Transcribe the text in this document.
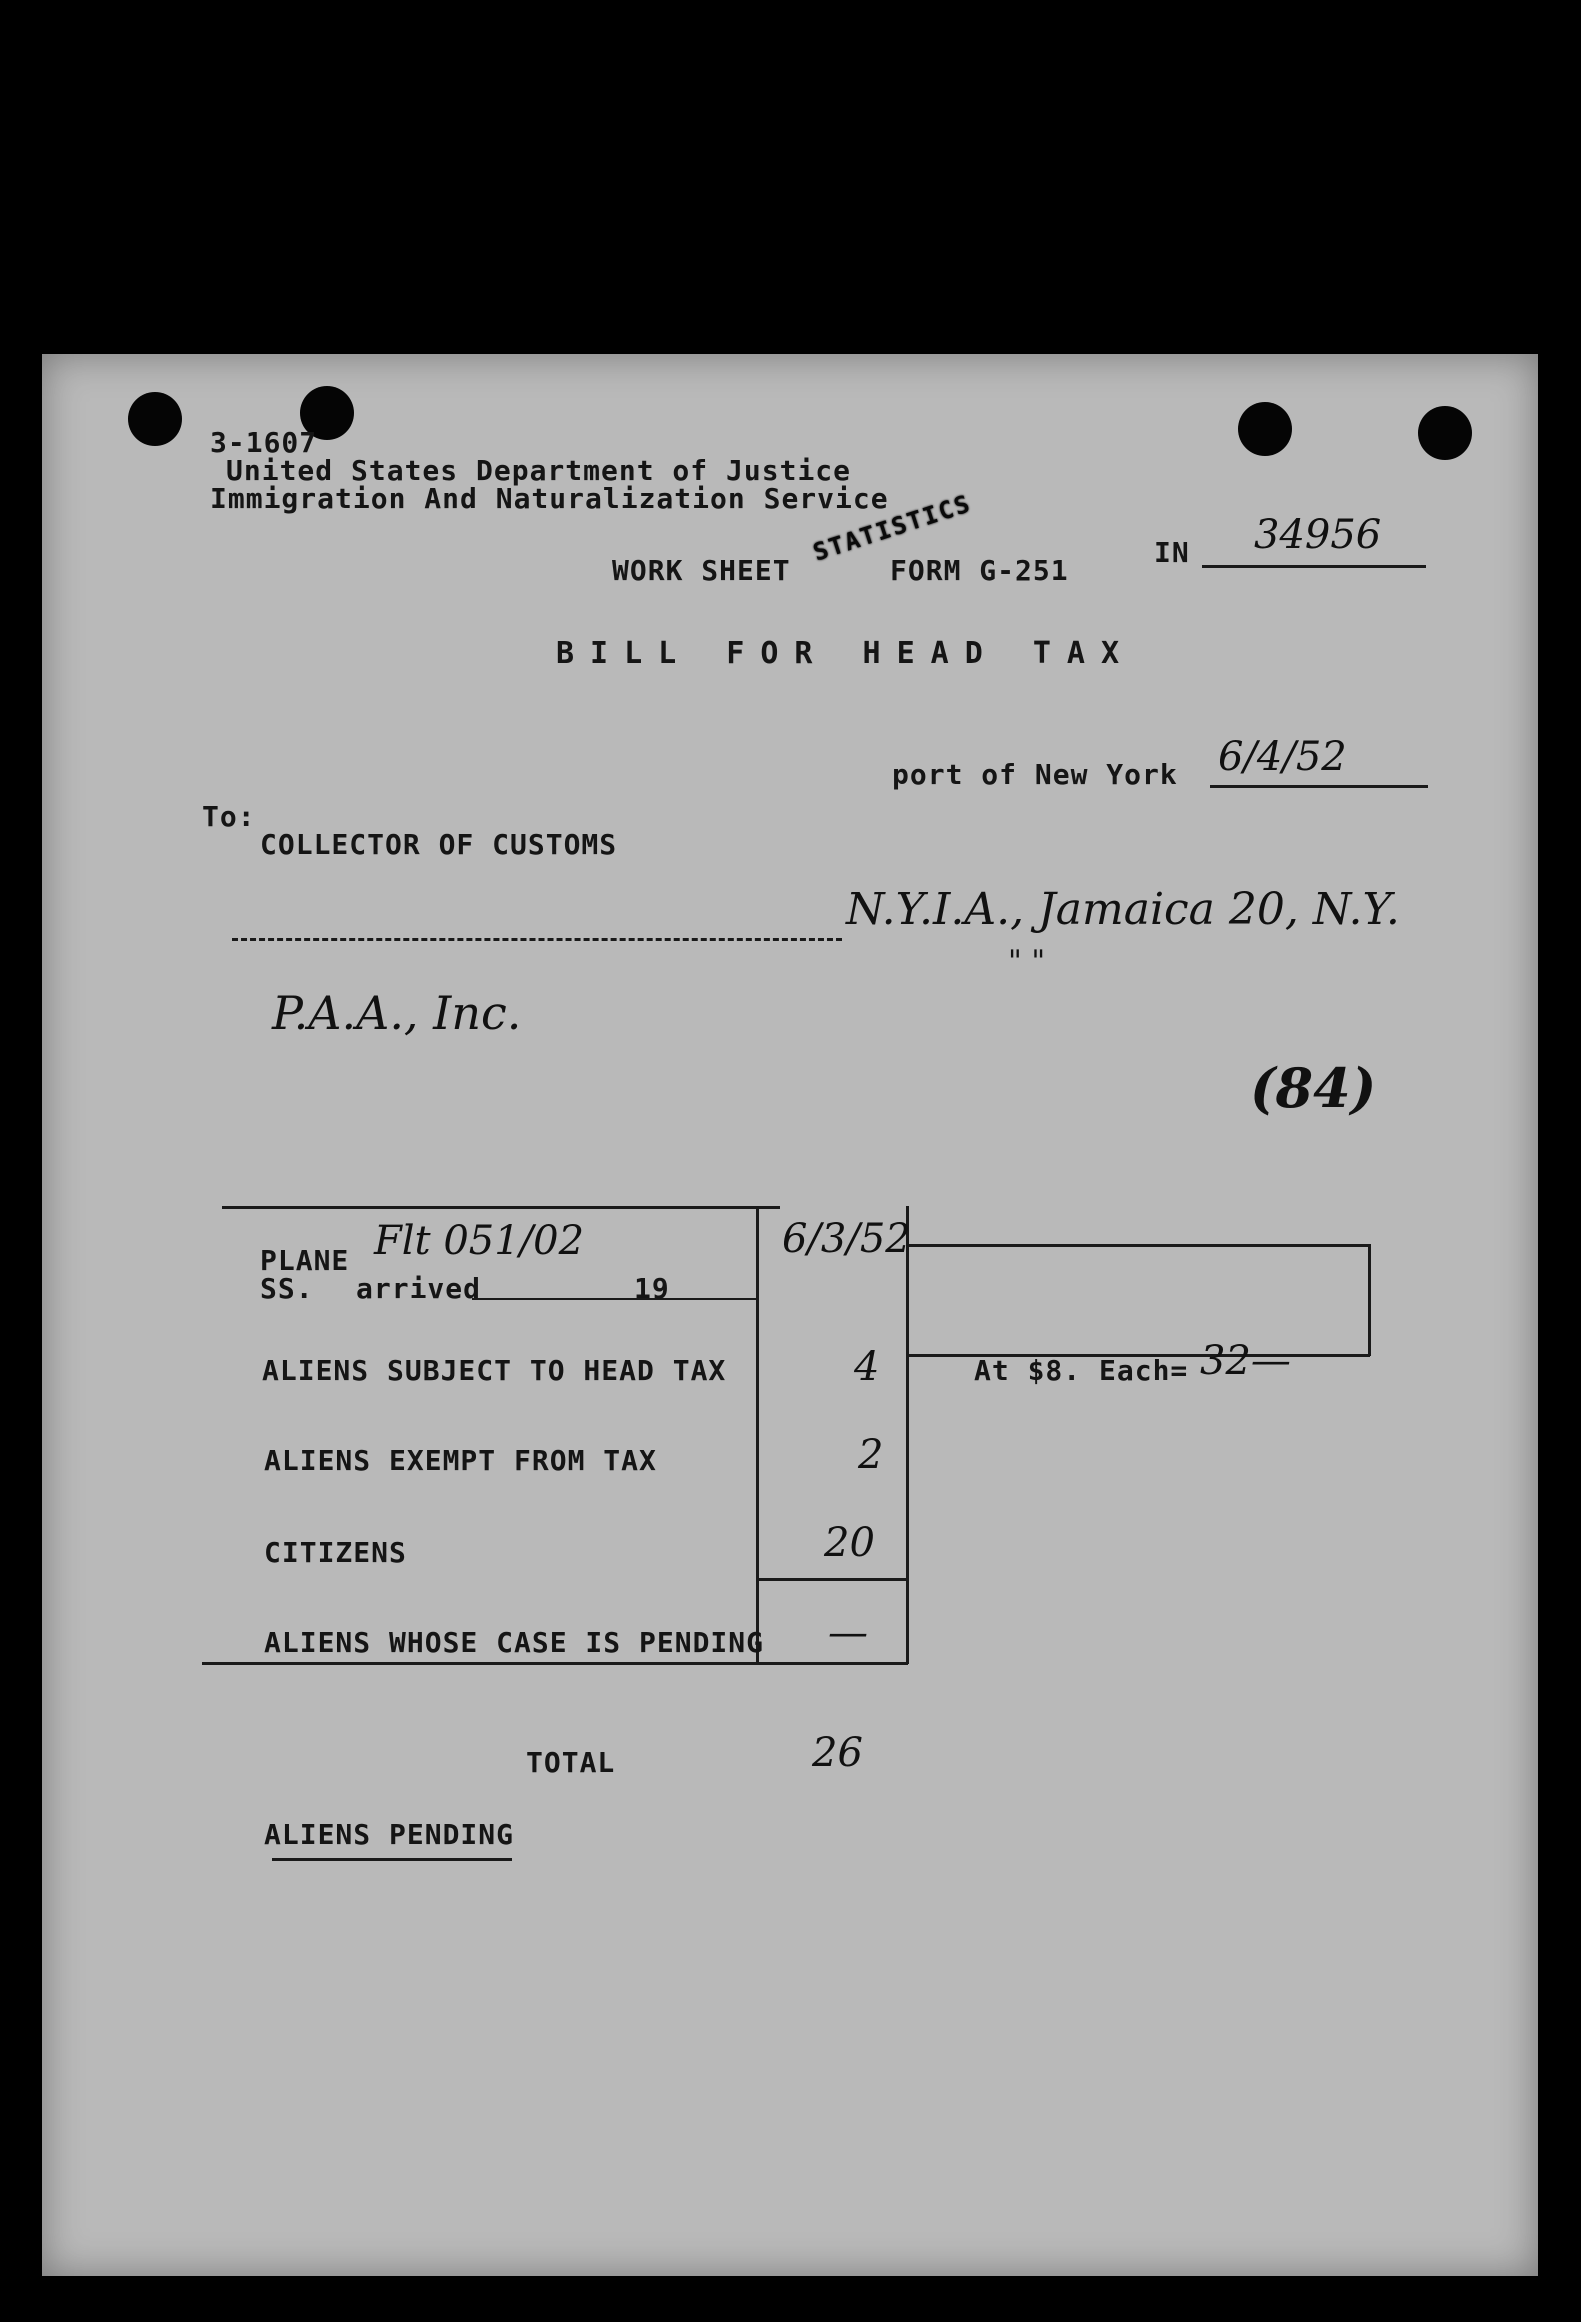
3-1607
United States Department of Justice
Immigration And Naturalization Service
WORK SHEET
STATISTICS
FORM G-251
IN 34956
BILL FOR HEAD TAX
port of New York 6/4/52
To:
COLLECTOR OF CUSTOMS
N.Y.I.A., Jamaica 20, N.Y.
" "
P.A.A., Inc.
(84)
PLANE Flt 051/02	6/3/52
SS. arrived	19
ALIENS SUBJECT TO HEAD TAX	4	At $8. Each= 32—
ALIENS EXEMPT FROM TAX	2
CITIZENS	20
ALIENS WHOSE CASE IS PENDING —
TOTAL	26
ALIENS PENDING
